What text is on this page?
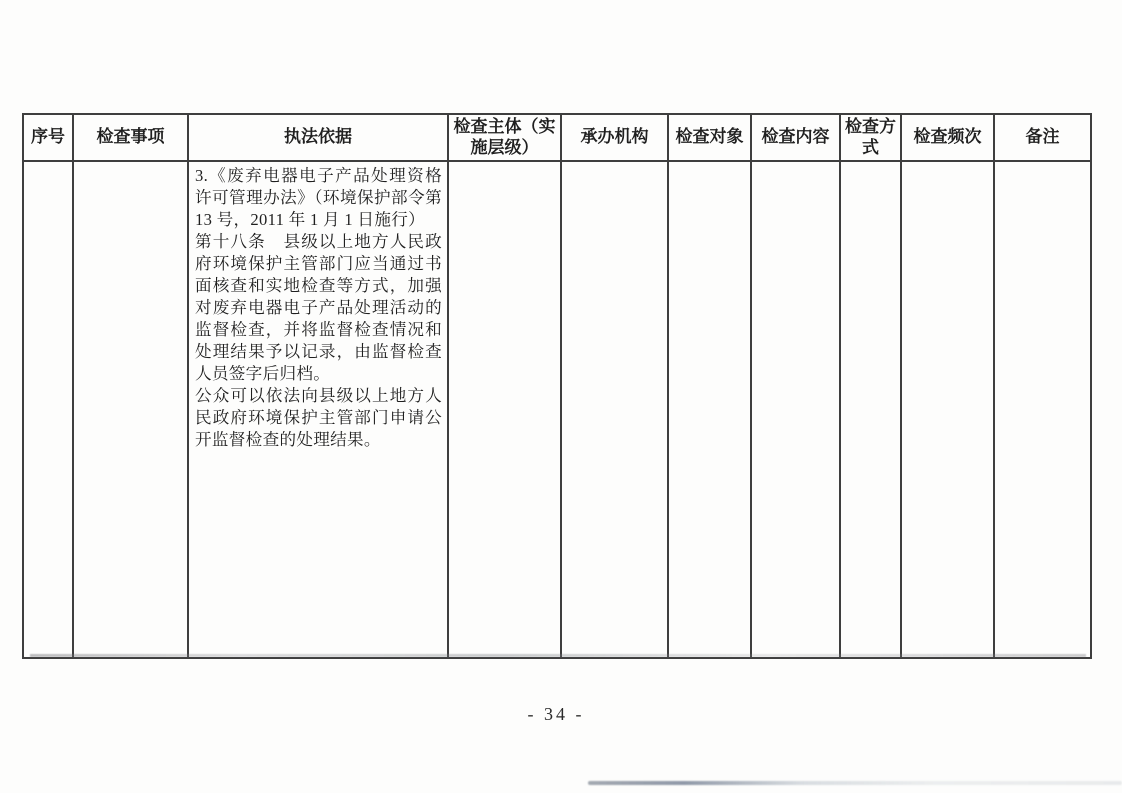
序号	检查事项	执法依据	检查主体（实施层级）	承办机构	检查对象	检查内容	检查方式	检查频次	备注

		3.《废弃电器电子产品处理资格许可管理办法》（环境保护部令第 13 号，2011 年 1 月 1 日施行）

第十八条　县级以上地方人民政府环境保护主管部门应当通过书面核查和实地检查等方式，加强对废弃电器电子产品处理活动的监督检查，并将监督检查情况和处理结果予以记录，由监督检查人员签字后归档。

公众可以依法向县级以上地方人民政府环境保护主管部门申请公开监督检查的处理结果。							

- 34 -
